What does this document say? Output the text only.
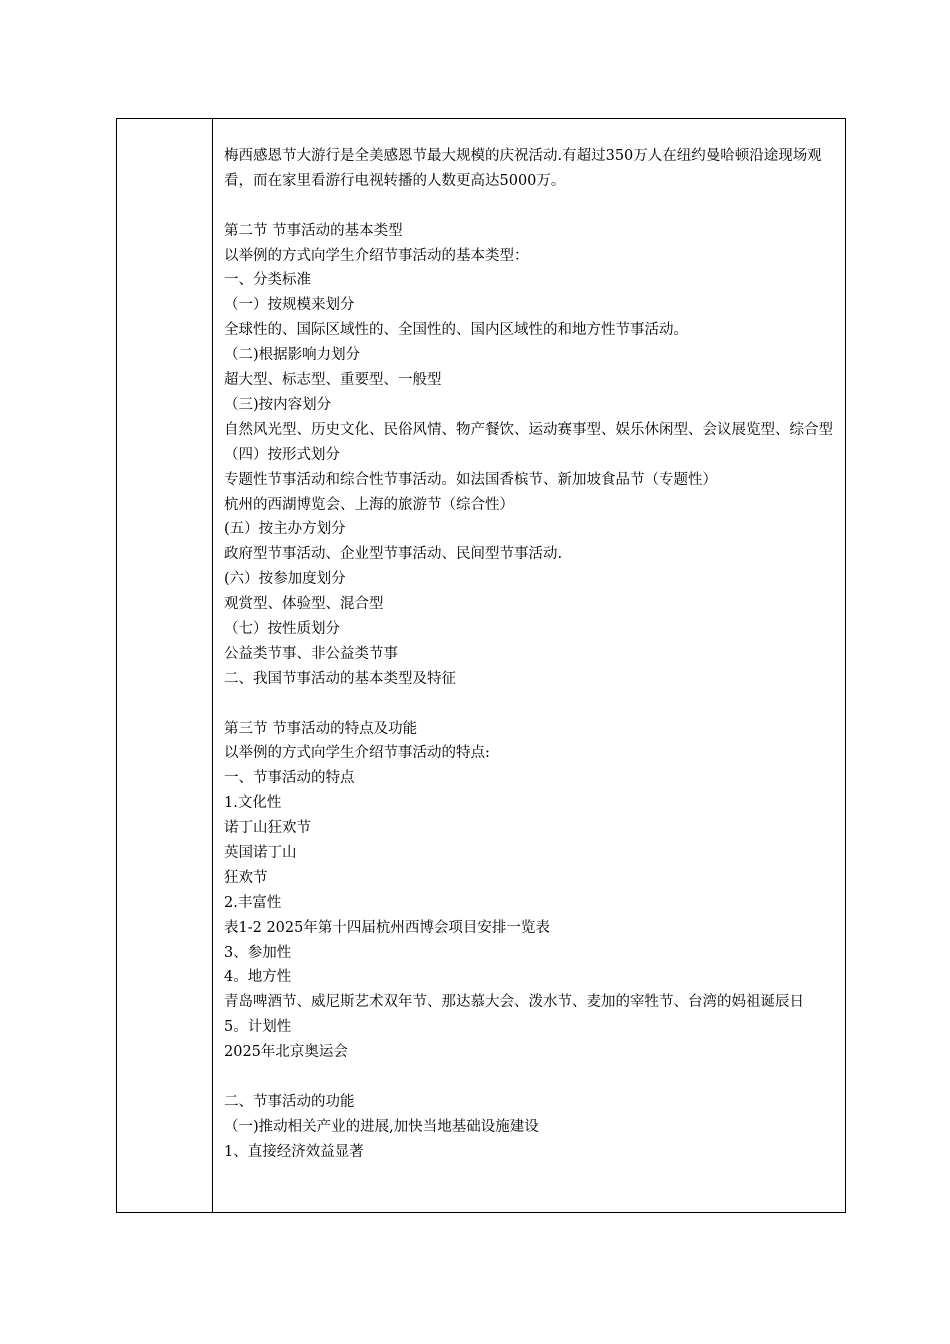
梅西感恩节大游行是全美感恩节最大规模的庆祝活动.有超过350万人在纽约曼哈顿沿途现场观看，而在家里看游行电视转播的人数更高达5000万。
第二节 节事活动的基本类型
以举例的方式向学生介绍节事活动的基本类型：
一、分类标准
（一）按规模来划分
全球性的、国际区域性的、全国性的、国内区域性的和地方性节事活动。
（二)根据影响力划分
超大型、标志型、重要型、一般型
（三)按内容划分
自然风光型、历史文化、民俗风情、物产餐饮、运动赛事型、娱乐休闲型、会议展览型、综合型
（四）按形式划分
专题性节事活动和综合性节事活动。如法国香槟节、新加坡食品节（专题性）
杭州的西湖博览会、上海的旅游节（综合性）
(五）按主办方划分
政府型节事活动、企业型节事活动、民间型节事活动.
(六）按参加度划分
观赏型、体验型、混合型
（七）按性质划分
公益类节事、非公益类节事
二、我国节事活动的基本类型及特征
第三节 节事活动的特点及功能
以举例的方式向学生介绍节事活动的特点:
一、节事活动的特点
1.文化性
诺丁山狂欢节
英国诺丁山
狂欢节
2.丰富性
表1-2 2025年第十四届杭州西博会项目安排一览表
3、参加性
4。地方性
青岛啤酒节、威尼斯艺术双年节、那达慕大会、泼水节、麦加的宰牲节、台湾的妈祖诞辰日
5。计划性
2025年北京奥运会
二、节事活动的功能
（一)推动相关产业的进展,加快当地基础设施建设
1、直接经济效益显著
